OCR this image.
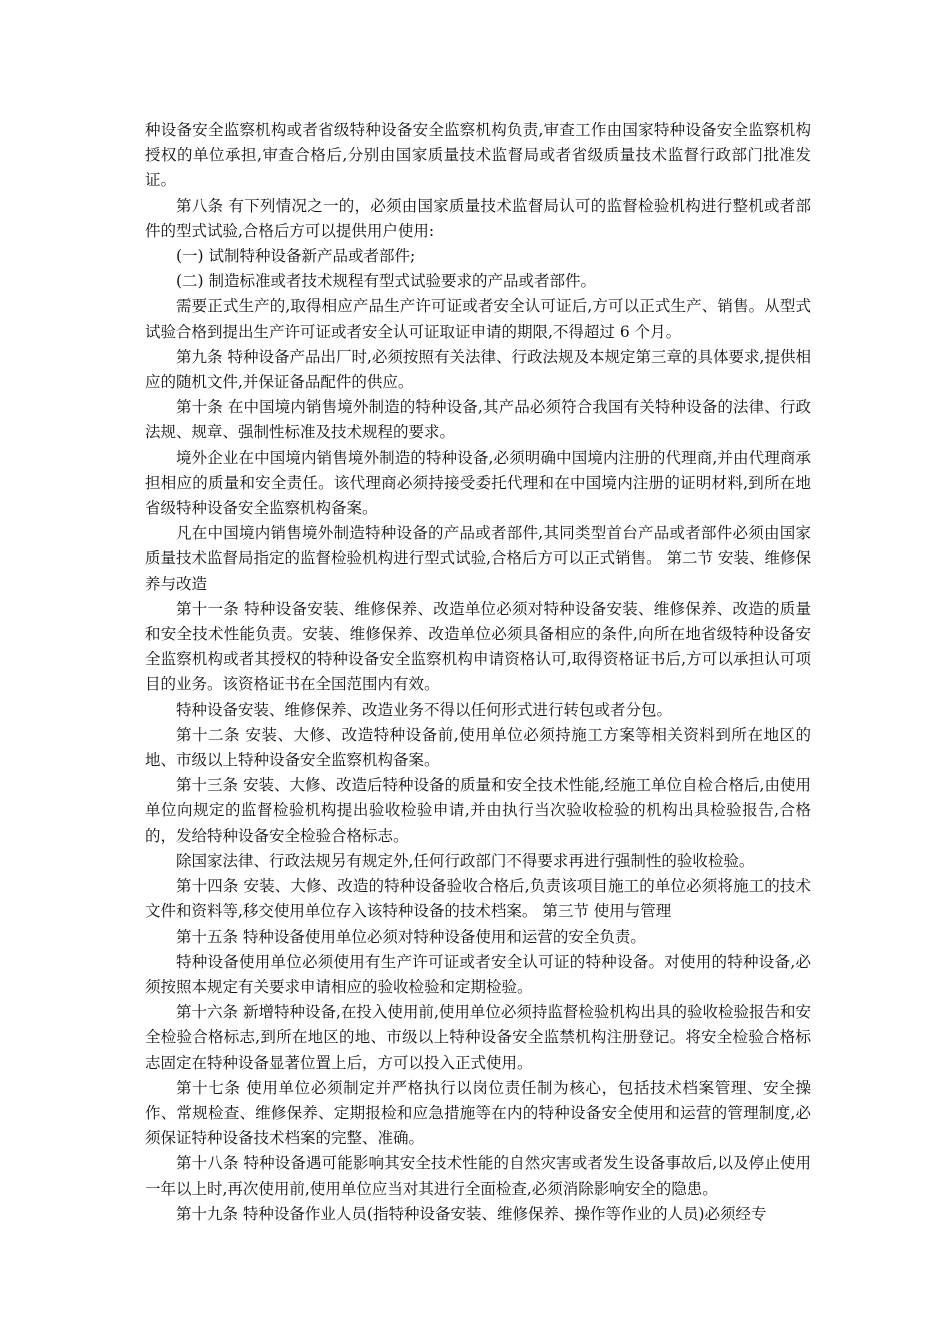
种设备安全监察机构或者省级特种设备安全监察机构负责,审查工作由国家特种设备安全监察机构授权的单位承担,审查合格后,分别由国家质量技术监督局或者省级质量技术监督行政部门批准发证。

第八条 有下列情况之一的，必须由国家质量技术监督局认可的监督检验机构进行整机或者部件的型式试验,合格后方可以提供用户使用:

(一) 试制特种设备新产品或者部件;

(二) 制造标准或者技术规程有型式试验要求的产品或者部件。

需要正式生产的,取得相应产品生产许可证或者安全认可证后,方可以正式生产、销售。从型式试验合格到提出生产许可证或者安全认可证取证申请的期限,不得超过 6 个月。

第九条 特种设备产品出厂时,必须按照有关法律、行政法规及本规定第三章的具体要求,提供相应的随机文件,并保证备品配件的供应。

第十条 在中国境内销售境外制造的特种设备,其产品必须符合我国有关特种设备的法律、行政法规、规章、强制性标准及技术规程的要求。

境外企业在中国境内销售境外制造的特种设备,必须明确中国境内注册的代理商,并由代理商承担相应的质量和安全责任。该代理商必须持接受委托代理和在中国境内注册的证明材料,到所在地省级特种设备安全监察机构备案。

凡在中国境内销售境外制造特种设备的产品或者部件,其同类型首台产品或者部件必须由国家质量技术监督局指定的监督检验机构进行型式试验,合格后方可以正式销售。 第二节 安装、维修保养与改造

第十一条 特种设备安装、维修保养、改造单位必须对特种设备安装、维修保养、改造的质量和安全技术性能负责。安装、维修保养、改造单位必须具备相应的条件,向所在地省级特种设备安全监察机构或者其授权的特种设备安全监察机构申请资格认可,取得资格证书后,方可以承担认可项目的业务。该资格证书在全国范围内有效。

特种设备安装、维修保养、改造业务不得以任何形式进行转包或者分包。

第十二条 安装、大修、改造特种设备前,使用单位必须持施工方案等相关资料到所在地区的地、市级以上特种设备安全监察机构备案。

第十三条 安装、大修、改造后特种设备的质量和安全技术性能,经施工单位自检合格后,由使用单位向规定的监督检验机构提出验收检验申请,并由执行当次验收检验的机构出具检验报告,合格的，发给特种设备安全检验合格标志。

除国家法律、行政法规另有规定外,任何行政部门不得要求再进行强制性的验收检验。

第十四条 安装、大修、改造的特种设备验收合格后,负责该项目施工的单位必须将施工的技术文件和资料等,移交使用单位存入该特种设备的技术档案。 第三节 使用与管理

第十五条 特种设备使用单位必须对特种设备使用和运营的安全负责。

特种设备使用单位必须使用有生产许可证或者安全认可证的特种设备。对使用的特种设备,必须按照本规定有关要求申请相应的验收检验和定期检验。

第十六条 新增特种设备,在投入使用前,使用单位必须持监督检验机构出具的验收检验报告和安全检验合格标志,到所在地区的地、市级以上特种设备安全监禁机构注册登记。将安全检验合格标志固定在特种设备显著位置上后，方可以投入正式使用。

第十七条 使用单位必须制定并严格执行以岗位责任制为核心，包括技术档案管理、安全操作、常规检查、维修保养、定期报检和应急措施等在内的特种设备安全使用和运营的管理制度,必须保证特种设备技术档案的完整、准确。

第十八条 特种设备遇可能影响其安全技术性能的自然灾害或者发生设备事故后,以及停止使用一年以上时,再次使用前,使用单位应当对其进行全面检查,必须消除影响安全的隐患。

第十九条 特种设备作业人员(指特种设备安装、维修保养、操作等作业的人员)必须经专
